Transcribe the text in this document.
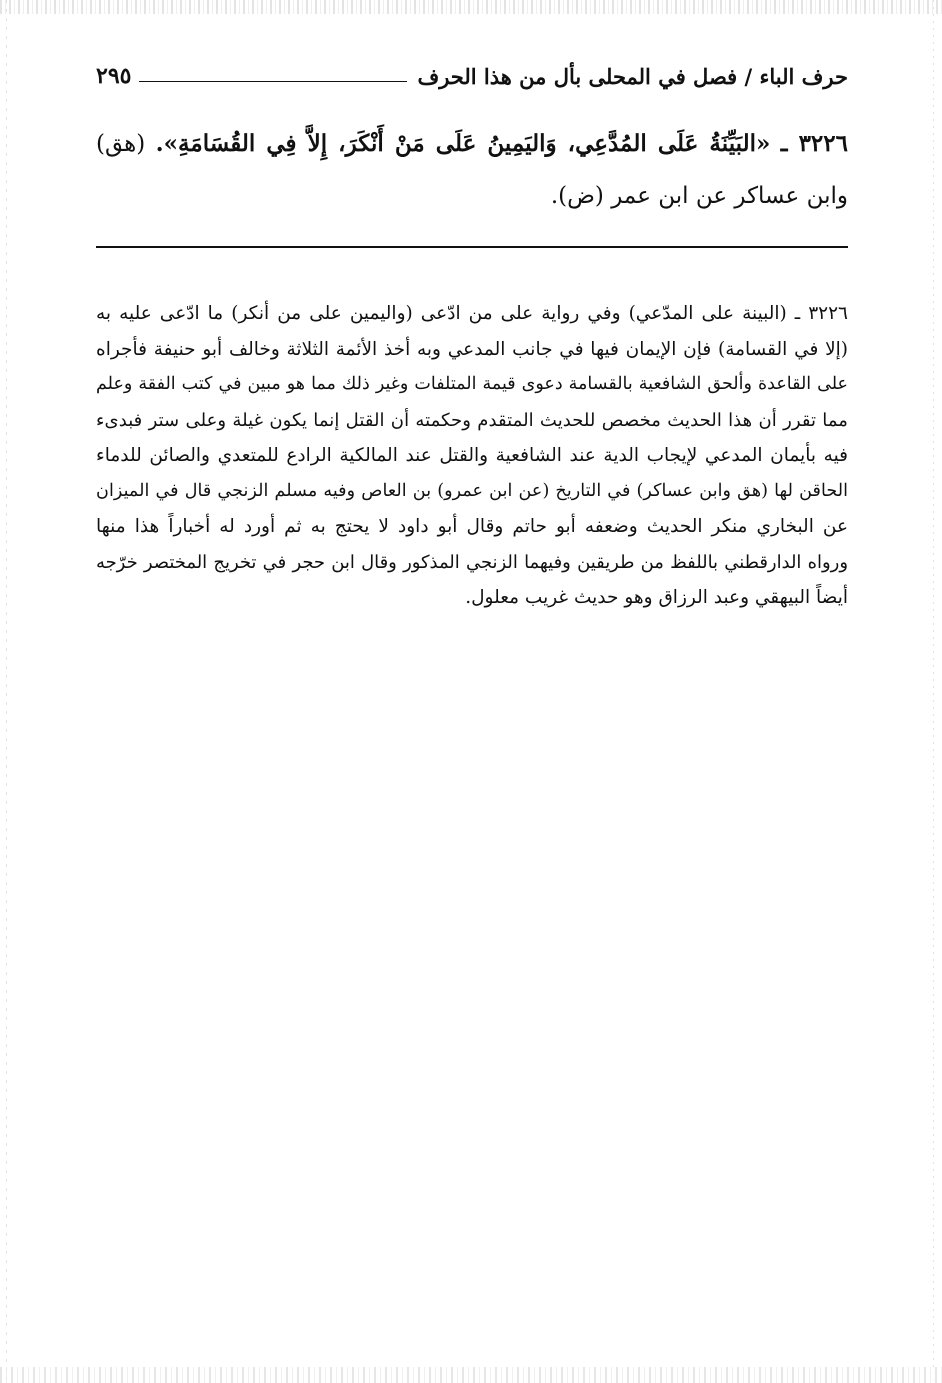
حرف الباء / فصل في المحلى بأل من هذا الحرف
٢٩٥
٣٢٢٦ ـ «البَيِّنَةُ عَلَى المُدَّعِي، وَاليَمِينُ عَلَى مَنْ أَنْكَرَ، إِلاَّ فِي القُسَامَةِ». (هق) وابن عساكر عن ابن عمر (ض).
٣٢٢٦ ـ (البينة على المدّعي) وفي رواية على من ادّعى (واليمين على من أنكر) ما ادّعى عليه به
(إلا في القسامة) فإن الإيمان فيها في جانب المدعي وبه أخذ الأئمة الثلاثة وخالف أبو حنيفة فأجراه
على القاعدة وألحق الشافعية بالقسامة دعوى قيمة المتلفات وغير ذلك مما هو مبين في كتب الفقة وعلم
مما تقرر أن هذا الحديث مخصص للحديث المتقدم وحكمته أن القتل إنما يكون غيلة وعلى ستر فبدىء
فيه بأيمان المدعي لإيجاب الدية عند الشافعية والقتل عند المالكية الرادع للمتعدي والصائن للدماء
الحاقن لها (هق وابن عساكر) في التاريخ (عن ابن عمرو) بن العاص وفيه مسلم الزنجي قال في الميزان
عن البخاري منكر الحديث وضعفه أبو حاتم وقال أبو داود لا يحتج به ثم أورد له أخباراً هذا منها
ورواه الدارقطني باللفظ من طريقين وفيهما الزنجي المذكور وقال ابن حجر في تخريج المختصر خرّجه
أيضاً البيهقي وعبد الرزاق وهو حديث غريب معلول.
